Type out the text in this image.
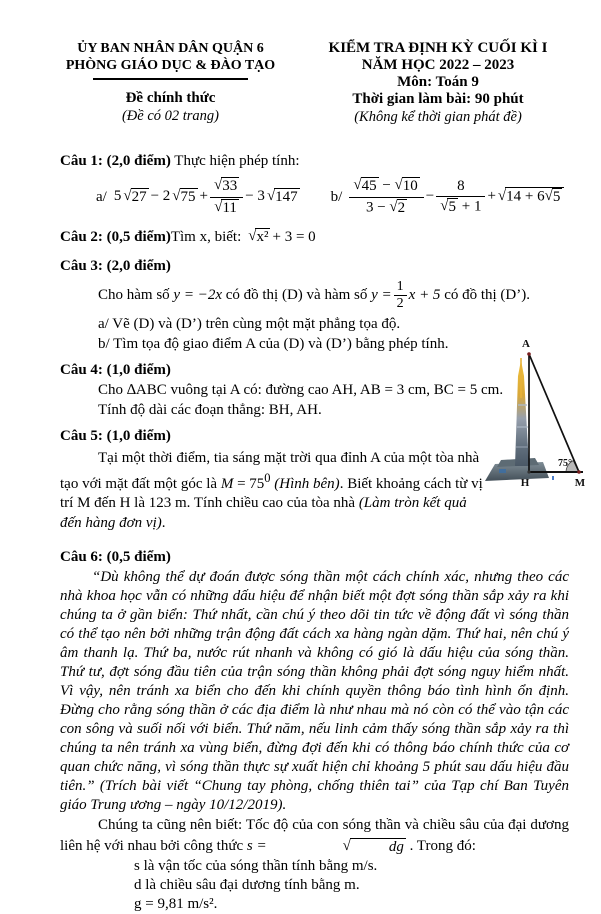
ỦY BAN NHÂN DÂN QUẬN 6
PHÒNG GIÁO DỤC & ĐÀO TẠO
Đề chính thức
(Đề có 02 trang)
KIỂM TRA ĐỊNH KỲ CUỐI KÌ I
NĂM HỌC 2022 – 2023
Môn: Toán 9
Thời gian làm bài: 90 phút
(Không kể thời gian phát đề)

Câu 1: (2,0 điểm) Thực hiện phép tính:

a/ 5 √27 − 2 $√75 + \frac{√33}{√11} - 3$ √147 $b/ \frac{√45 - √10}{3 - √2} - \frac{8}{√5 + 1} + √14 + 6√5$

Câu 2: (0,5 điểm) Tìm x, biết: √x² + 3 = 0

Câu 3: (2,0 điểm)

Cho hàm số y = −2x có đồ thị (D) và hàm số $y = \frac{1}{2}$ x + 5 có đồ thị (D’).

a/ Vẽ (D) và (D’) trên cùng một mặt phẳng tọa độ.

b/ Tìm tọa độ giao điểm A của (D) và (D’) bằng phép tính.

Câu 4: (1,0 điểm)

Cho ∆ABC vuông tại A có: đường cao AH, AB = 3 cm, BC = 5 cm.

Tính độ dài các đoạn thẳng: BH, AH.

Câu 5: (1,0 điểm)

Tại một thời điểm, tia sáng mặt trời qua đỉnh A của một tòa nhà tạo với mặt đất một góc là $M = 75^0$ (Hình bên). Biết khoảng cách từ vị trí M đến H là 123 m. Tính chiều cao của tòa nhà (Làm tròn kết quả đến hàng đơn vị).

Câu 6: (0,5 điểm)

“Dù không thể dự đoán được sóng thần một cách chính xác, nhưng theo các nhà khoa học vẫn có những dấu hiệu để nhận biết một đợt sóng thần sắp xảy ra khi chúng ta ở gần biển: Thứ nhất, cần chú ý theo dõi tin tức về động đất vì sóng thần có thể tạo nên bởi những trận động đất cách xa hàng ngàn dặm. Thứ hai, nên chú ý âm thanh lạ. Thứ ba, nước rút nhanh và không có gió là dấu hiệu của sóng thần. Thứ tư, đợt sóng đầu tiên của trận sóng thần không phải đợt sóng nguy hiểm nhất. Vì vậy, nên tránh xa biển cho đến khi chính quyền thông báo tình hình ổn định. Đừng cho rằng sóng thần ở các địa điểm là như nhau mà nó còn có thể vào tận các con sông và suối nối với biển. Thứ năm, nếu linh cảm thấy sóng thần sắp xảy ra thì chúng ta nên tránh xa vùng biển, đừng đợi đến khi có thông báo chính thức của cơ quan chức năng, vì sóng thần thực sự xuất hiện chỉ khoảng 5 phút sau dấu hiệu đầu tiên.” (Trích bài viết “Chung tay phòng, chống thiên tai” của Tạp chí Ban Tuyên giáo Trung ương – ngày 10/12/2019).

Chúng ta cũng nên biết: Tốc độ của con sóng thần và chiều sâu của đại dương liên hệ với nhau bởi công thức s =	√	dg . Trong đó:

s là vận tốc của sóng thần tính bằng m/s.

d là chiều sâu đại dương tính bằng m.

g = 9,81 m/s².

A
H	M
75°
